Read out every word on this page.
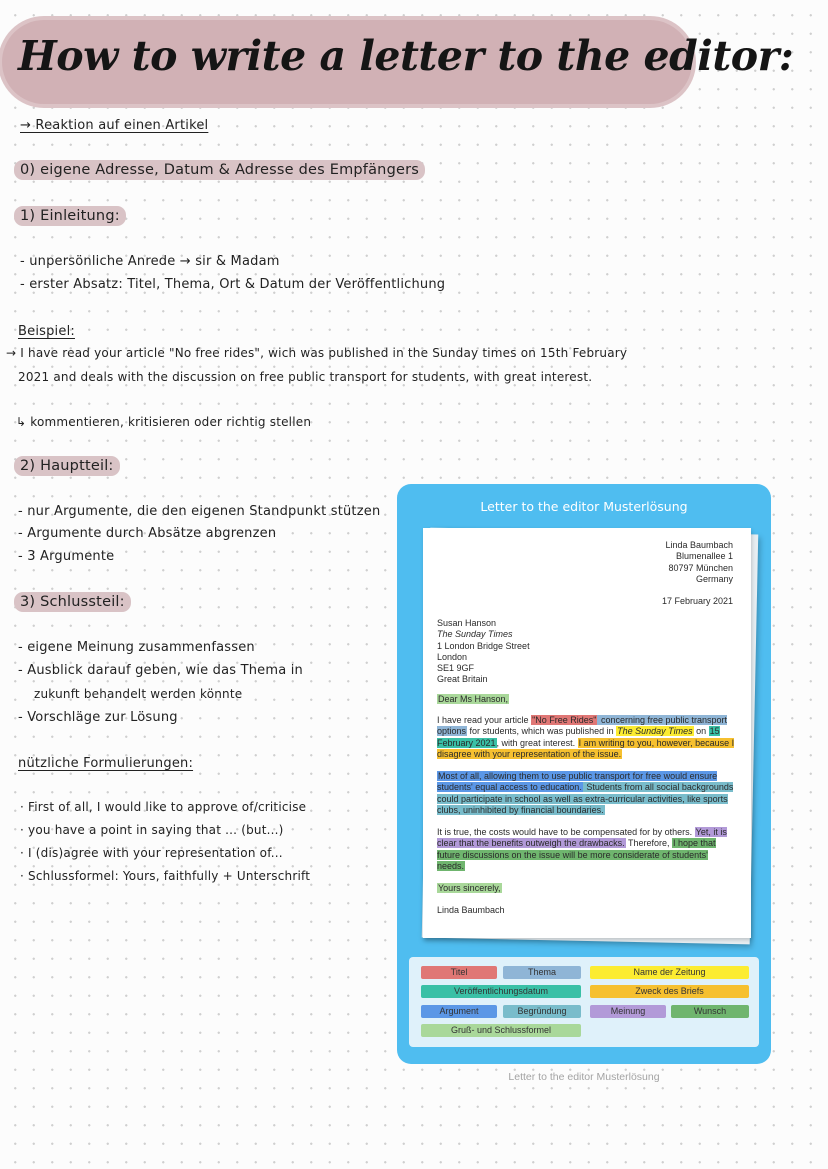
How to write a letter to the editor:
→ Reaktion auf einen Artikel
0) eigene Adresse, Datum & Adresse des Empfängers
1) Einleitung:
- unpersönliche Anrede → sir & Madam
- erster Absatz: Titel, Thema, Ort & Datum der Veröffentlichung
Beispiel:
→ I have read your article "No free rides", wich was published in the Sunday times on 15th February
2021 and deals with the discussion on free public transport for students, with great interest.
↳ kommentieren, kritisieren oder richtig stellen
2) Hauptteil:
- nur Argumente, die den eigenen Standpunkt stützen
- Argumente durch Absätze abgrenzen
- 3 Argumente
3) Schlussteil:
- eigene Meinung zusammenfassen
- Ausblick darauf geben, wie das Thema in
zukunft behandelt werden könnte
- Vorschläge zur Lösung
nützliche Formulierungen:
· First of all, I would like to approve of/criticise
· you have a point in saying that ... (but...)
· I (dis)agree with your representation of...
· Schlussformel: Yours, faithfully + Unterschrift
Letter to the editor Musterlösung
Linda Baumbach
Blumenallee 1
80797 München
Germany
17 February 2021
Susan Hanson
The Sunday Times
1 London Bridge Street
London
SE1 9GF
Great Britain
Dear Ms Hanson,
I have read your article "No Free Rides" concerning free public transport options for students, which was published in The Sunday Times on 15 February 2021, with great interest. I am writing to you, however, because I disagree with your representation of the issue.
Most of all, allowing them to use public transport for free would ensure students' equal access to education. Students from all social backgrounds could participate in school as well as extra-curricular activities, like sports clubs, uninhibited by financial boundaries.
It is true, the costs would have to be compensated for by others. Yet, it is clear that the benefits outweigh the drawbacks. Therefore, I hope that future discussions on the issue will be more considerate of students' needs.
Yours sincerely,
Linda Baumbach
Titel	Thema	Name der Zeitung
Veröffentlichungsdatum	Zweck des Briefs
Argument	Begründung	Meinung	Wunsch
Gruß- und Schlussformel
Letter to the editor Musterlösung
